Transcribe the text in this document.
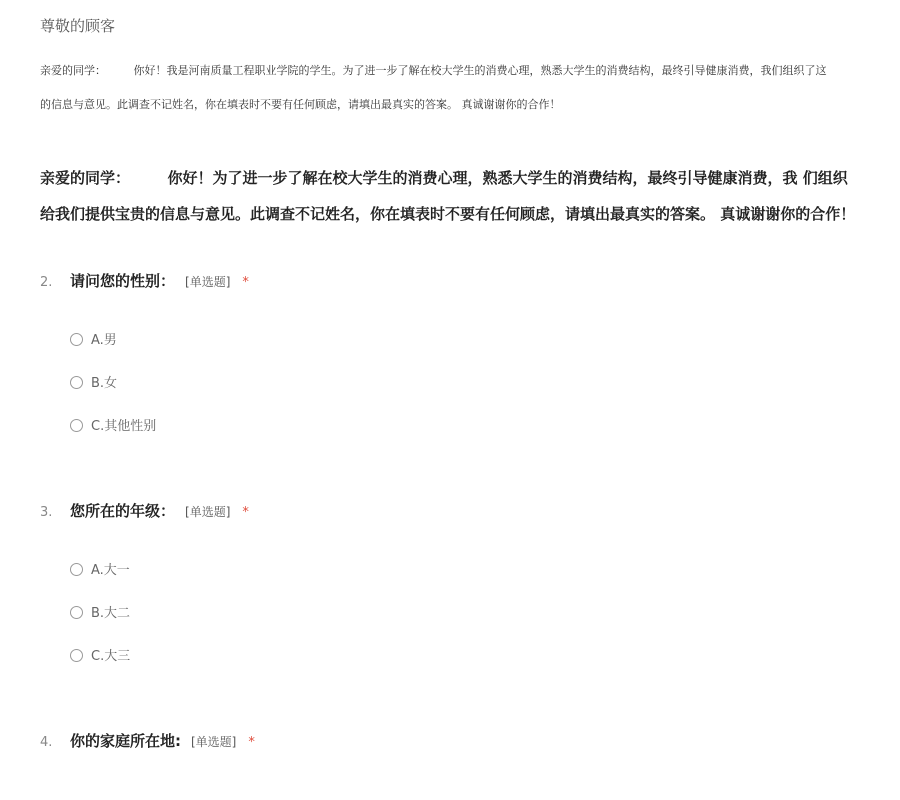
尊敬的顾客
亲爱的同学：　　　你好！我是河南质量工程职业学院的学生。为了进一步了解在校大学生的消费心理，熟悉大学生的消费结构，最终引导健康消费，我们组织了这
的信息与意见。此调查不记姓名，你在填表时不要有任何顾虑，请填出最真实的答案。 真诚谢谢你的合作！
亲爱的同学：　　　你好！为了进一步了解在校大学生的消费心理，熟悉大学生的消费结构，最终引导健康消费，我 们组织
给我们提供宝贵的信息与意见。此调查不记姓名，你在填表时不要有任何顾虑，请填出最真实的答案。 真诚谢谢你的合作！
2. 请问您的性别： [单选题] *
A.男
B.女
C.其他性别
3. 您所在的年级： [单选题] *
A.大一
B.大二
C.大三
4. 你的家庭所在地: [单选题] *
